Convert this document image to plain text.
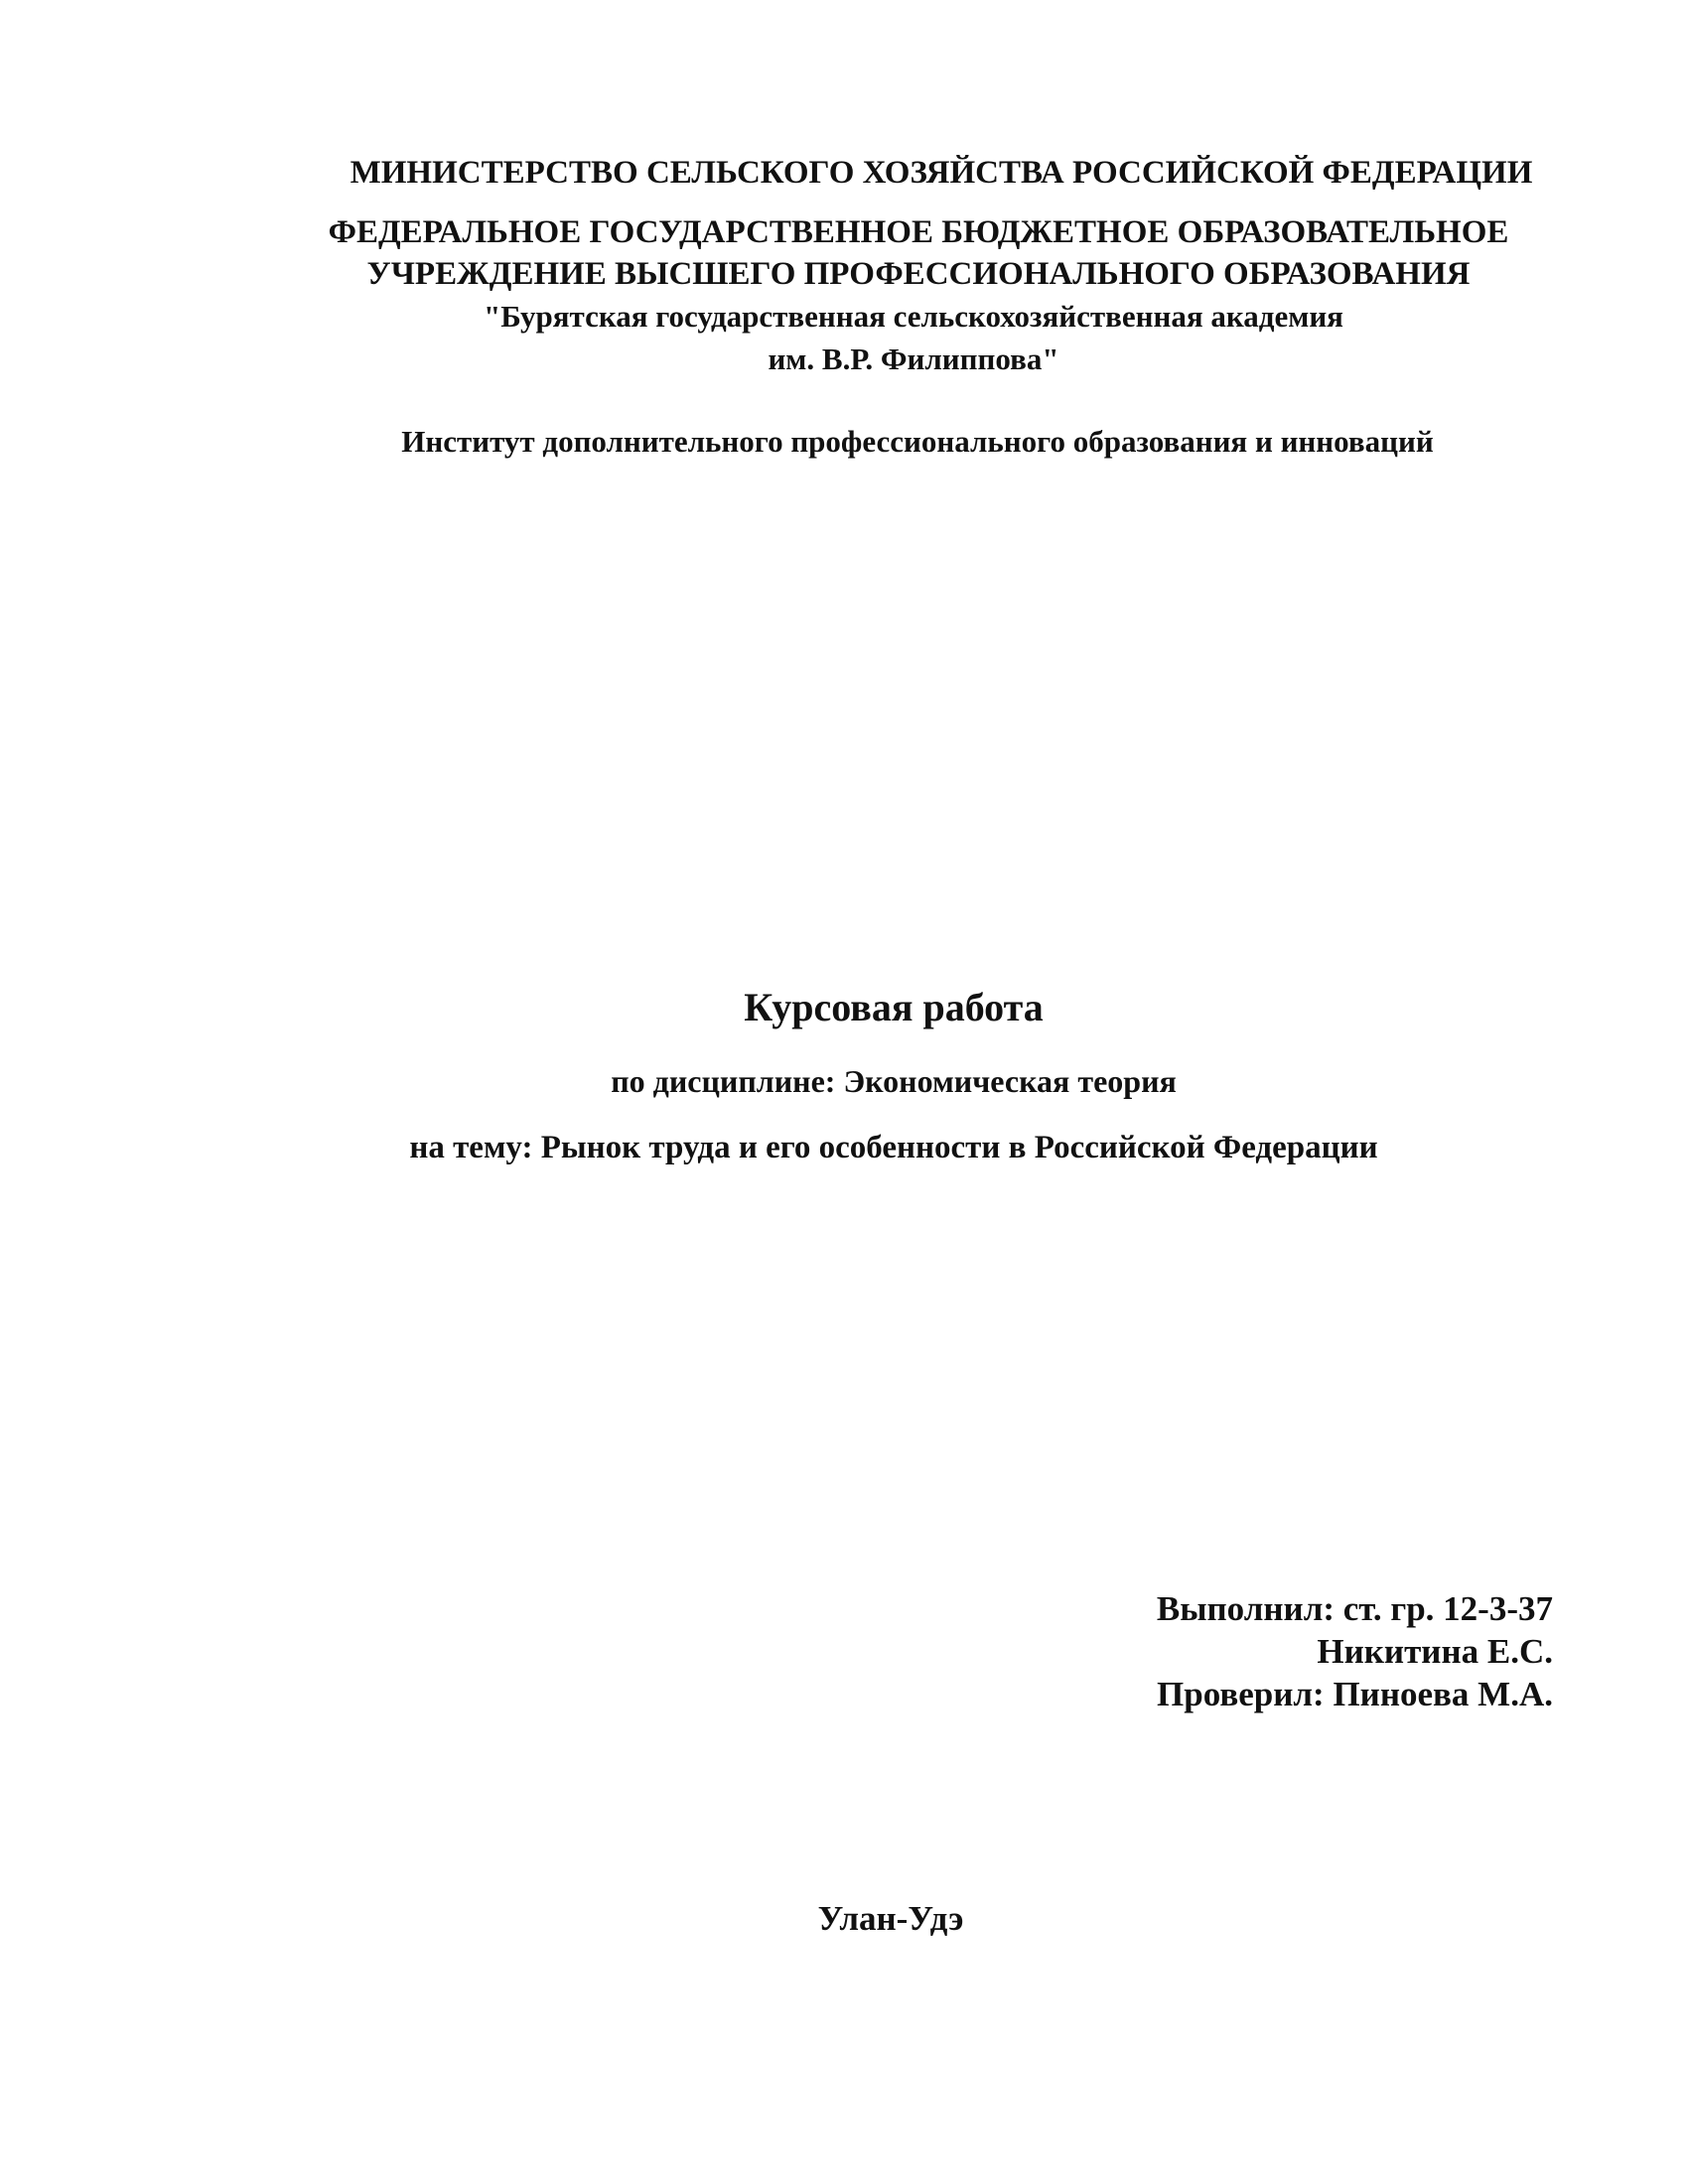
МИНИСТЕРСТВО СЕЛЬСКОГО ХОЗЯЙСТВА РОССИЙСКОЙ ФЕДЕРАЦИИ
ФЕДЕРАЛЬНОЕ ГОСУДАРСТВЕННОЕ БЮДЖЕТНОЕ ОБРАЗОВАТЕЛЬНОЕ
УЧРЕЖДЕНИЕ ВЫСШЕГО ПРОФЕССИОНАЛЬНОГО ОБРАЗОВАНИЯ
"Бурятская государственная сельскохозяйственная академия
им. В.Р. Филиппова"
Институт дополнительного профессионального образования и инноваций
Курсовая работа
по дисциплине: Экономическая теория
на тему: Рынок труда и его особенности в Российской Федерации
Выполнил: ст. гр. 12-3-37
Никитина Е.С.
Проверил: Пиноева М.А.
Улан-Удэ
